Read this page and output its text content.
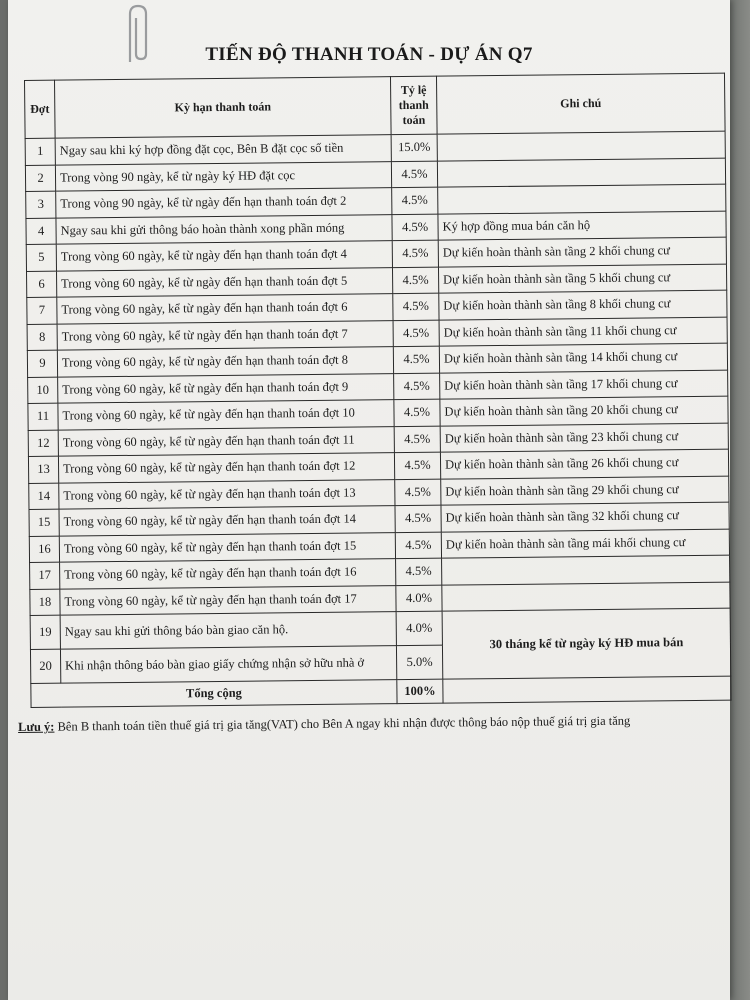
TIẾN ĐỘ THANH TOÁN - DỰ ÁN Q7
Đợt	Kỳ hạn thanh toán	Tỷ lệ thanh toán	Ghi chú
1	Ngay sau khi ký hợp đồng đặt cọc, Bên B đặt cọc số tiền	15.0%	
2	Trong vòng 90 ngày, kể từ ngày ký HĐ đặt cọc	4.5%	
3	Trong vòng 90 ngày, kể từ ngày đến hạn thanh toán đợt 2	4.5%	
4	Ngay sau khi gửi thông báo hoàn thành xong phần móng	4.5%	Ký hợp đồng mua bán căn hộ
5	Trong vòng 60 ngày, kể từ ngày đến hạn thanh toán đợt 4	4.5%	Dự kiến hoàn thành sàn tầng 2 khối chung cư
6	Trong vòng 60 ngày, kể từ ngày đến hạn thanh toán đợt 5	4.5%	Dự kiến hoàn thành sàn tầng 5 khối chung cư
7	Trong vòng 60 ngày, kể từ ngày đến hạn thanh toán đợt 6	4.5%	Dự kiến hoàn thành sàn tầng 8 khối chung cư
8	Trong vòng 60 ngày, kể từ ngày đến hạn thanh toán đợt 7	4.5%	Dự kiến hoàn thành sàn tầng 11 khối chung cư
9	Trong vòng 60 ngày, kể từ ngày đến hạn thanh toán đợt 8	4.5%	Dự kiến hoàn thành sàn tầng 14 khối chung cư
10	Trong vòng 60 ngày, kể từ ngày đến hạn thanh toán đợt 9	4.5%	Dự kiến hoàn thành sàn tầng 17 khối chung cư
11	Trong vòng 60 ngày, kể từ ngày đến hạn thanh toán đợt 10	4.5%	Dự kiến hoàn thành sàn tầng 20 khối chung cư
12	Trong vòng 60 ngày, kể từ ngày đến hạn thanh toán đợt 11	4.5%	Dự kiến hoàn thành sàn tầng 23 khối chung cư
13	Trong vòng 60 ngày, kể từ ngày đến hạn thanh toán đợt 12	4.5%	Dự kiến hoàn thành sàn tầng 26 khối chung cư
14	Trong vòng 60 ngày, kể từ ngày đến hạn thanh toán đợt 13	4.5%	Dự kiến hoàn thành sàn tầng 29 khối chung cư
15	Trong vòng 60 ngày, kể từ ngày đến hạn thanh toán đợt 14	4.5%	Dự kiến hoàn thành sàn tầng 32 khối chung cư
16	Trong vòng 60 ngày, kể từ ngày đến hạn thanh toán đợt 15	4.5%	Dự kiến hoàn thành sàn tầng mái khối chung cư
17	Trong vòng 60 ngày, kể từ ngày đến hạn thanh toán đợt 16	4.5%	
18	Trong vòng 60 ngày, kể từ ngày đến hạn thanh toán đợt 17	4.0%	
19	Ngay sau khi gửi thông báo bàn giao căn hộ.	4.0%	30 tháng kể từ ngày ký HĐ mua bán
20	Khi nhận thông báo bàn giao giấy chứng nhận sở hữu nhà ở	5.0%	
Tổng cộng		100%	
Lưu ý: Bên B thanh toán tiền thuế giá trị gia tăng(VAT) cho Bên A ngay khi nhận được thông báo nộp thuế giá trị gia tăng
